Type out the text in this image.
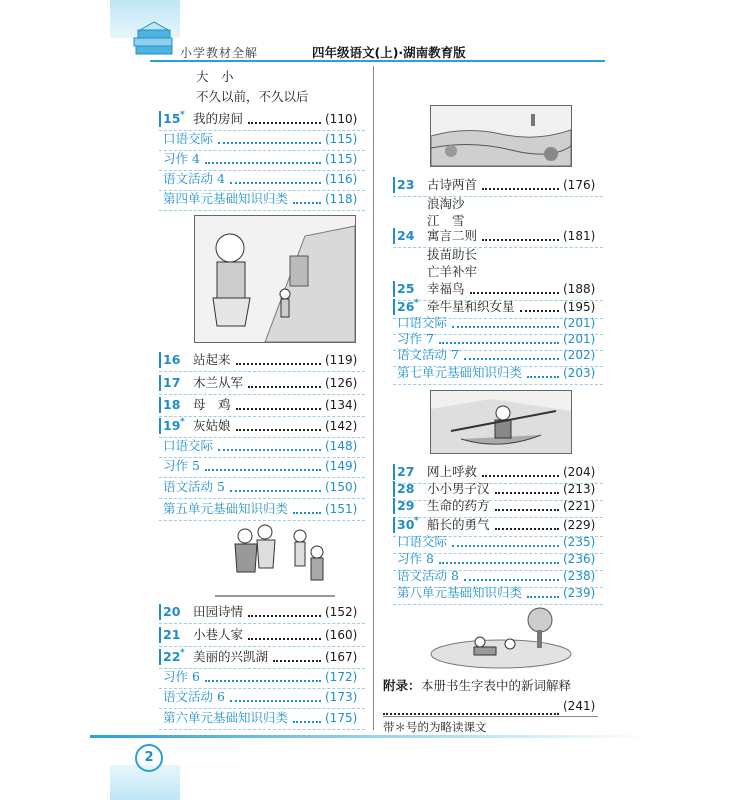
小学教材全解	四年级语文(上)·湖南教育版
大　小
不久以前，不久以后
15 * 我的房间	(110)
口语交际	(115)
习作 4	(115)
语文活动 4	(116)
第四单元基础知识归类	(118)
16 站起来	(119)
17 木兰从军	(126)
18 母　鸡	(134)
19 * 灰姑娘	(142)
口语交际	(148)
习作 5	(149)
语文活动 5	(150)
第五单元基础知识归类	(151)
20 田园诗情	(152)
21 小巷人家	(160)
22 * 美丽的兴凯湖	(167)
习作 6	(172)
语文活动 6	(173)
第六单元基础知识归类	(175)
23 古诗两首	(176)
浪淘沙
江　雪
24 寓言二则	(181)
拔苗助长
亡羊补牢
25 幸福鸟	(188)
26 * 牵牛星和织女星	(195)
口语交际	(201)
习作 7	(201)
语文活动 7	(202)
第七单元基础知识归类	(203)
27 网上呼救	(204)
28 小小男子汉	(213)
29 生命的药方	(221)
30 * 船长的勇气	(229)
口语交际	(235)
习作 8	(236)
语文活动 8	(238)
第八单元基础知识归类	(239)
附录： 本册书生字表中的新词解释
(241)
带＊号的为略读课文
2
